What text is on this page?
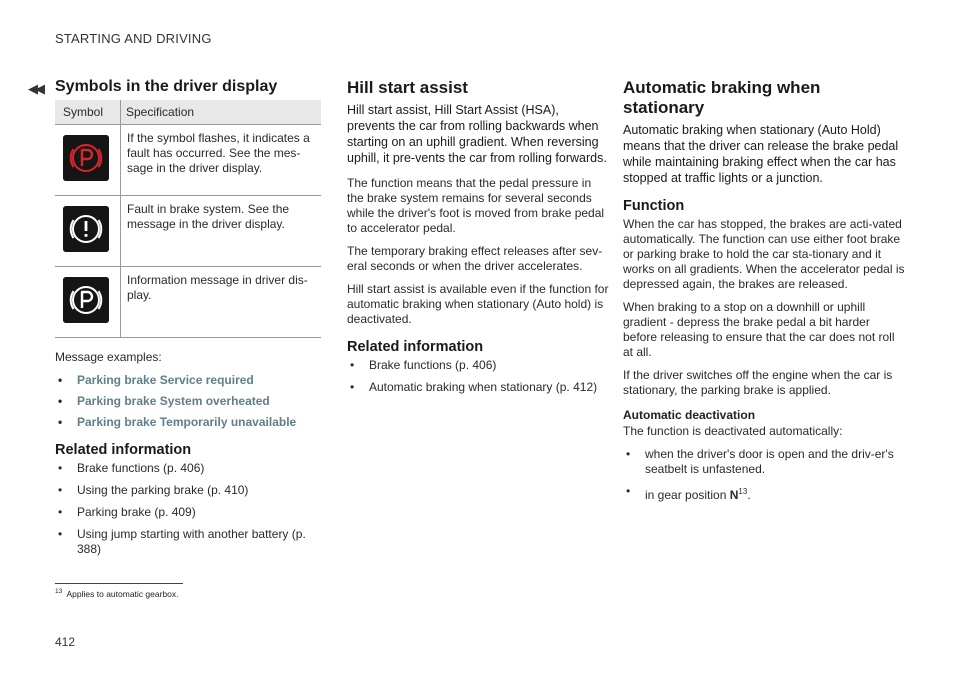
STARTING AND DRIVING
◀◀ Symbols in the driver display
Symbol	Specification

	If the symbol flashes, it indicates a fault has occurred. See the mes-sage in the driver display.

	Fault in brake system. See the message in the driver display.

	Information message in driver dis-play.

Message examples:

• Parking brake Service required
• Parking brake System overheated
• Parking brake Temporarily unavailable
Related information
• Brake functions (p. 406)
• Using the parking brake (p. 410)
• Parking brake (p. 409)
• Using jump starting with another battery (p. 388)
Hill start assist

Hill start assist, Hill Start Assist (HSA), prevents the car from rolling backwards when starting on an uphill gradient. When reversing uphill, it pre-vents the car from rolling forwards.

The function means that the pedal pressure in the brake system remains for several seconds while the driver's foot is moved from brake pedal to accelerator pedal.

The temporary braking effect releases after sev-eral seconds or when the driver accelerates.

Hill start assist is available even if the function for automatic braking when stationary (Auto hold) is deactivated.

Related information
• Brake functions (p. 406)
• Automatic braking when stationary (p. 412)
Automatic braking when stationary

Automatic braking when stationary (Auto Hold) means that the driver can release the brake pedal while maintaining braking effect when the car has stopped at traffic lights or a junction.

Function

When the car has stopped, the brakes are acti-vated automatically. The function can use either foot brake or parking brake to hold the car sta-tionary and it works on all gradients. When the accelerator pedal is depressed again, the brakes are released.

When braking to a stop on a downhill or uphill gradient - depress the brake pedal a bit harder before releasing to ensure that the car does not roll at all.

If the driver switches off the engine when the car is stationary, the parking brake is applied.

Automatic deactivation

The function is deactivated automatically:

• when the driver's door is open and the driv-er's seatbelt is unfastened.
• in gear position N$^{13}$.
$^{13}$ Applies to automatic gearbox.
412
